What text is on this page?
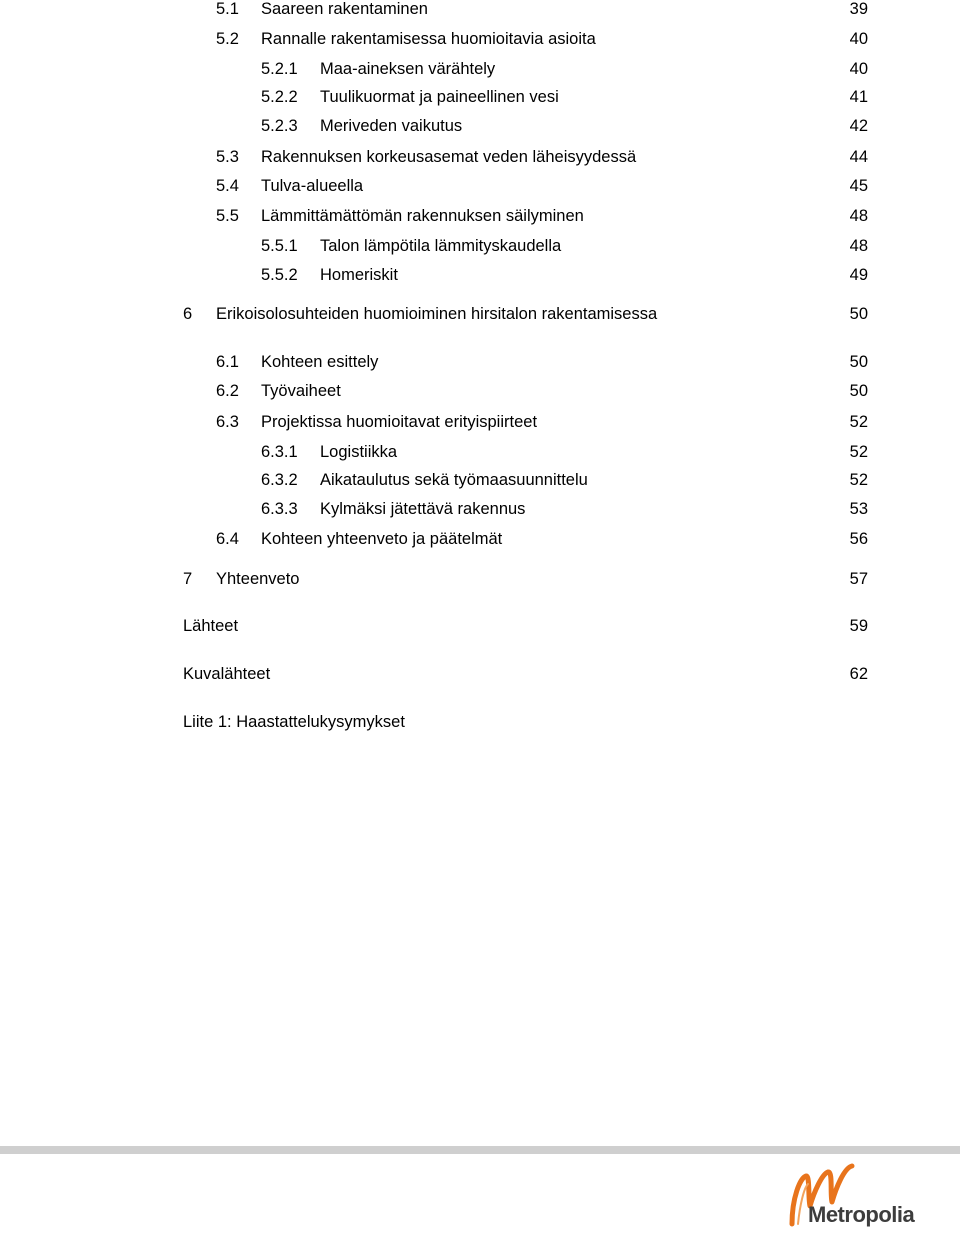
5.1 Saareen rakentaminen	39
5.2 Rannalle rakentamisessa huomioitavia asioita	40
5.2.1 Maa-aineksen värähtely	40
5.2.2 Tuulikuormat ja paineellinen vesi	41
5.2.3 Meriveden vaikutus	42
5.3 Rakennuksen korkeusasemat veden läheisyydessä	44
5.4 Tulva-alueella	45
5.5 Lämmittämättömän rakennuksen säilyminen	48
5.5.1 Talon lämpötila lämmityskaudella	48
5.5.2 Homeriskit	49
6 Erikoisolosuhteiden huomioiminen hirsitalon rakentamisessa	50
6.1 Kohteen esittely	50
6.2 Työvaiheet	50
6.3 Projektissa huomioitavat erityispiirteet	52
6.3.1 Logistiikka	52
6.3.2 Aikataulutus sekä työmaasuunnittelu	52
6.3.3 Kylmäksi jätettävä rakennus	53
6.4 Kohteen yhteenveto ja päätelmät	56
7 Yhteenveto	57
Lähteet	59
Kuvalähteet	62
Liite 1: Haastattelukysymykset
Metropolia
